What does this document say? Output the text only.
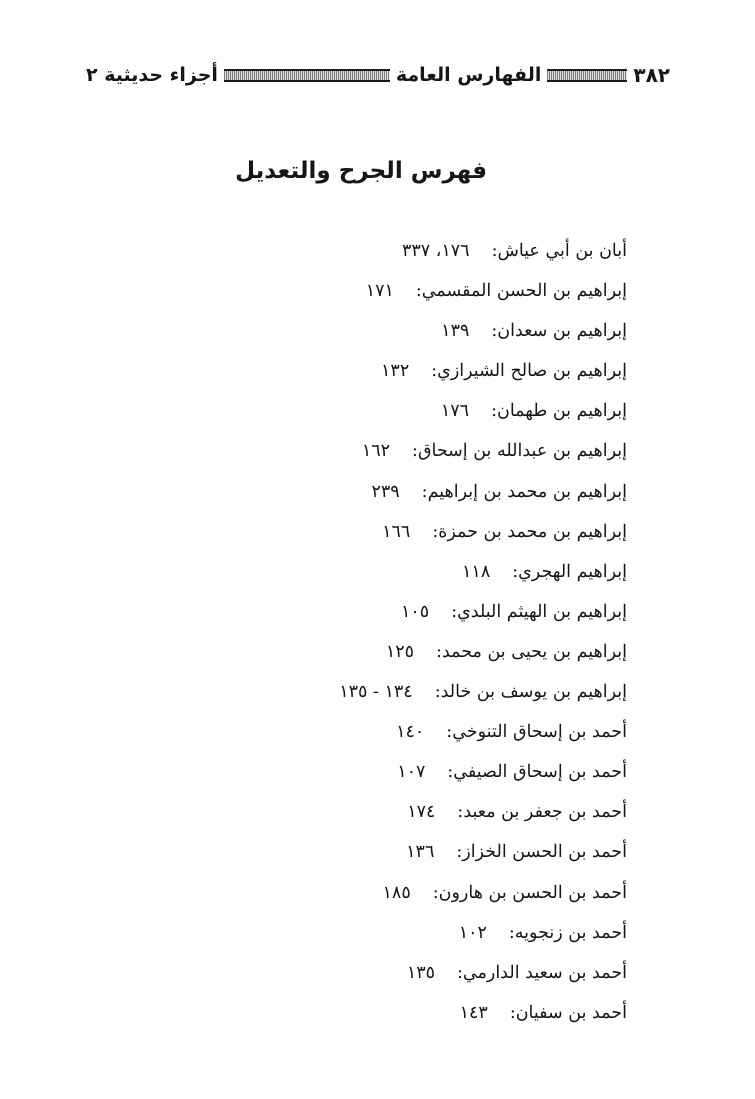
٣٨٢
الفهارس العامة
أجزاء حديثية ٢
فهرس الجرح والتعديل
أبان بن أبي عياش:١٧٦، ٣٣٧
إبراهيم بن الحسن المقسمي:١٧١
إبراهيم بن سعدان:١٣٩
إبراهيم بن صالح الشيرازي:١٣٢
إبراهيم بن طهمان:١٧٦
إبراهيم بن عبدالله بن إسحاق:١٦٢
إبراهيم بن محمد بن إبراهيم:٢٣٩
إبراهيم بن محمد بن حمزة:١٦٦
إبراهيم الهجري:١١٨
إبراهيم بن الهيثم البلدي:١٠٥
إبراهيم بن يحيى بن محمد:١٢٥
إبراهيم بن يوسف بن خالد:١٣٤ - ١٣٥
أحمد بن إسحاق التنوخي:١٤٠
أحمد بن إسحاق الصيفي:١٠٧
أحمد بن جعفر بن معبد:١٧٤
أحمد بن الحسن الخزاز:١٣٦
أحمد بن الحسن بن هارون:١٨٥
أحمد بن زنجويه:١٠٢
أحمد بن سعيد الدارمي:١٣٥
أحمد بن سفيان:١٤٣
